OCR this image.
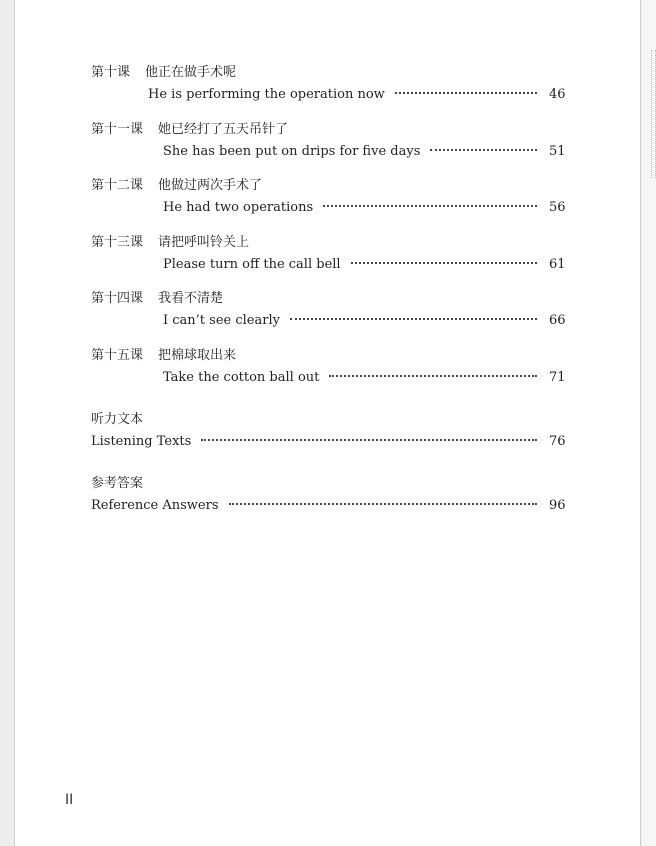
第十课 他正在做手术呢
He is performing the operation now	46
第十一课 她已经打了五天吊针了
She has been put on drips for five days	51
第十二课 他做过两次手术了
He had two operations	56
第十三课 请把呼叫铃关上
Please turn off the call bell	61
第十四课 我看不清楚
I can’t see clearly	66
第十五课 把棉球取出来
Take the cotton ball out	71
听力文本
Listening Texts	76
参考答案
Reference Answers	96
II
